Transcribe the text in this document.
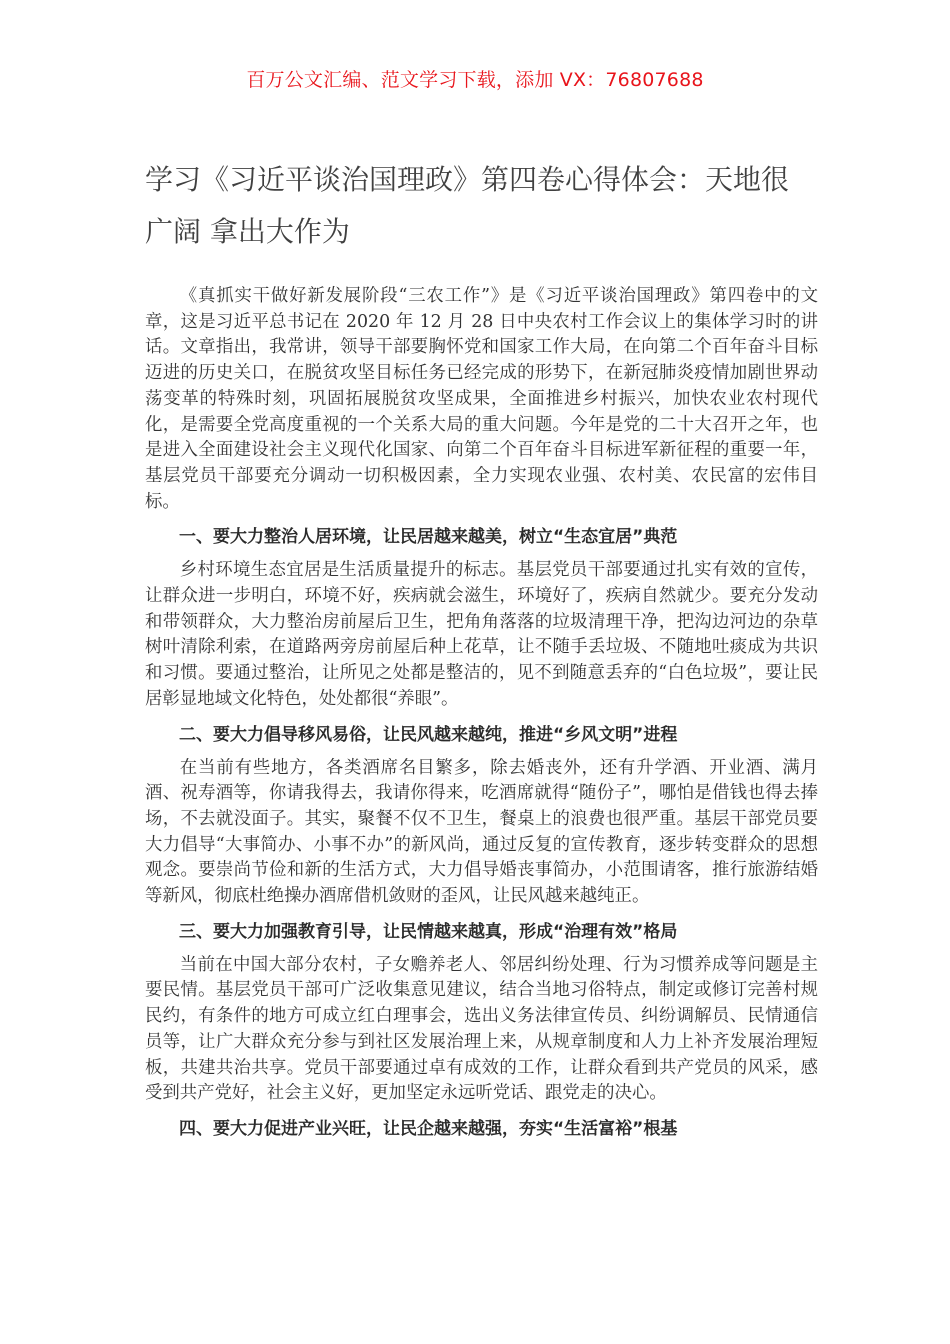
百万公文汇编、范文学习下载，添加 VX：76807688
学习《习近平谈治国理政》第四卷心得体会：天地很广阔 拿出大作为

《真抓实干做好新发展阶段“三农工作”》是《习近平谈治国理政》第四卷中的文章，这是习近平总书记在 2020 年 12 月 28 日中央农村工作会议上的集体学习时的讲话。文章指出，我常讲，领导干部要胸怀党和国家工作大局，在向第二个百年奋斗目标迈进的历史关口，在脱贫攻坚目标任务已经完成的形势下，在新冠肺炎疫情加剧世界动荡变革的特殊时刻，巩固拓展脱贫攻坚成果，全面推进乡村振兴，加快农业农村现代化，是需要全党高度重视的一个关系大局的重大问题。今年是党的二十大召开之年，也是进入全面建设社会主义现代化国家、向第二个百年奋斗目标进军新征程的重要一年，基层党员干部要充分调动一切积极因素，全力实现农业强、农村美、农民富的宏伟目标。

一、要大力整治人居环境，让民居越来越美，树立“生态宜居”典范

乡村环境生态宜居是生活质量提升的标志。基层党员干部要通过扎实有效的宣传，让群众进一步明白，环境不好，疾病就会滋生，环境好了，疾病自然就少。要充分发动和带领群众，大力整治房前屋后卫生，把角角落落的垃圾清理干净，把沟边河边的杂草树叶清除利索，在道路两旁房前屋后种上花草，让不随手丢垃圾、不随地吐痰成为共识和习惯。要通过整治，让所见之处都是整洁的，见不到随意丢弃的“白色垃圾”，要让民居彰显地域文化特色，处处都很“养眼”。

二、要大力倡导移风易俗，让民风越来越纯，推进“乡风文明”进程

在当前有些地方，各类酒席名目繁多，除去婚丧外，还有升学酒、开业酒、满月酒、祝寿酒等，你请我得去，我请你得来，吃酒席就得“随份子”，哪怕是借钱也得去捧场，不去就没面子。其实，聚餐不仅不卫生，餐桌上的浪费也很严重。基层干部党员要大力倡导“大事简办、小事不办”的新风尚，通过反复的宣传教育，逐步转变群众的思想观念。要崇尚节俭和新的生活方式，大力倡导婚丧事简办，小范围请客，推行旅游结婚等新风，彻底杜绝操办酒席借机敛财的歪风，让民风越来越纯正。

三、要大力加强教育引导，让民情越来越真，形成“治理有效”格局

当前在中国大部分农村，子女赡养老人、邻居纠纷处理、行为习惯养成等问题是主要民情。基层党员干部可广泛收集意见建议，结合当地习俗特点，制定或修订完善村规民约，有条件的地方可成立红白理事会，选出义务法律宣传员、纠纷调解员、民情通信员等，让广大群众充分参与到社区发展治理上来，从规章制度和人力上补齐发展治理短板，共建共治共享。党员干部要通过卓有成效的工作，让群众看到共产党员的风采，感受到共产党好，社会主义好，更加坚定永远听党话、跟党走的决心。

四、要大力促进产业兴旺，让民企越来越强，夯实“生活富裕”根基
